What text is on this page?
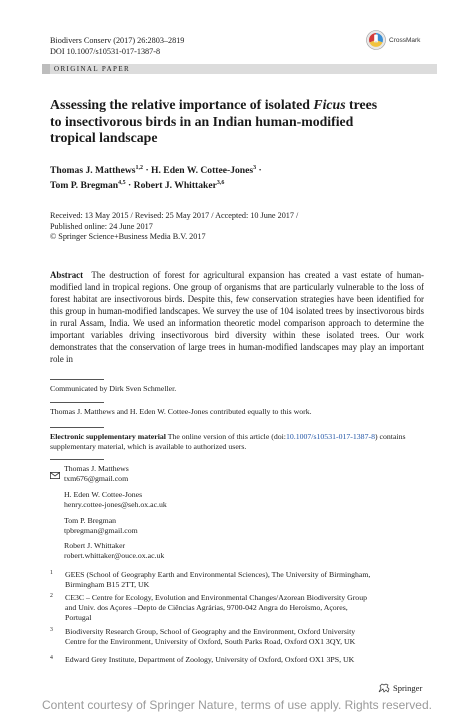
Biodivers Conserv (2017) 26:2803–2819
DOI 10.1007/s10531-017-1387-8
CrossMark
ORIGINAL PAPER
Assessing the relative importance of isolated Ficus trees
to insectivorous birds in an Indian human-modified
tropical landscape
Thomas J. Matthews$^{1,2}$ · H. Eden W. Cottee-Jones$^3$ ·
Tom P. Bregman$^{4,5}$ · Robert J. Whittaker$^{3,6}$
Received: 13 May 2015 / Revised: 25 May 2017 / Accepted: 10 June 2017 /
Published online: 24 June 2017
© Springer Science+Business Media B.V. 2017
Abstract The destruction of forest for agricultural expansion has created a vast estate of human-modified land in tropical regions. One group of organisms that are particularly vulnerable to the loss of forest habitat are insectivorous birds. Despite this, few conservation strategies have been identified for this group in human-modified landscapes. We survey the use of 104 isolated trees by insectivorous birds in rural Assam, India. We used an information theoretic model comparison approach to determine the important variables driving insectivorous bird diversity within these isolated trees. Our work demonstrates that the conservation of large trees in human-modified landscapes may play an important role in
Communicated by Dirk Sven Schmeller.
Thomas J. Matthews and H. Eden W. Cottee-Jones contributed equally to this work.
Electronic supplementary material The online version of this article (doi:10.1007/s10531-017-1387-8) contains supplementary material, which is available to authorized users.
Thomas J. Matthews
txm676@gmail.com
H. Eden W. Cottee-Jones
henry.cottee-jones@seh.ox.ac.uk
Tom P. Bregman
tpbregman@gmail.com
Robert J. Whittaker
robert.whittaker@ouce.ox.ac.uk
1 GEES (School of Geography Earth and Environmental Sciences), The University of Birmingham,
Birmingham B15 2TT, UK
2 CE3C – Centre for Ecology, Evolution and Environmental Changes/Azorean Biodiversity Group
and Univ. dos Açores –Depto de Ciências Agrárias, 9700-042 Angra do Heroísmo, Açores,
Portugal
3 Biodiversity Research Group, School of Geography and the Environment, Oxford University
Centre for the Environment, University of Oxford, South Parks Road, Oxford OX1 3QY, UK
4 Edward Grey Institute, Department of Zoology, University of Oxford, Oxford OX1 3PS, UK
Springer
Content courtesy of Springer Nature, terms of use apply. Rights reserved.
